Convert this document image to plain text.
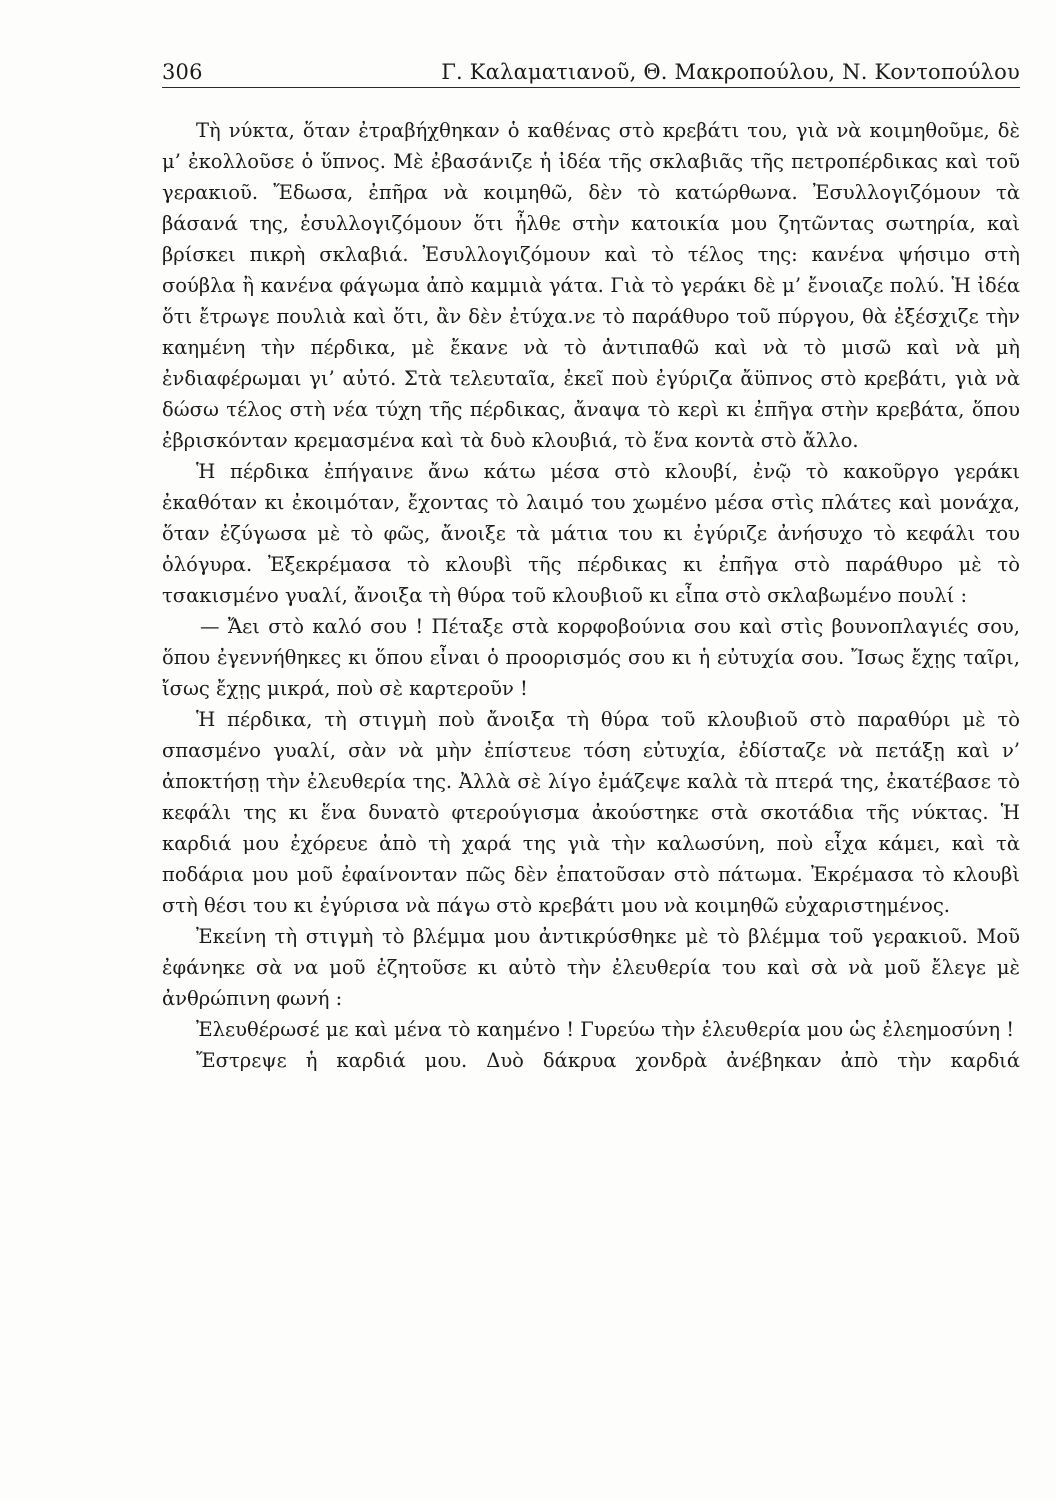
306	Γ. Καλαματιανοῦ, Θ. Μακροπούλου, Ν. Κοντοπούλου

Τὴ νύκτα, ὅταν ἐτραβήχθηκαν ὁ καθένας στὸ κρεβάτι του, γιὰ νὰ κοιμηθοῦμε, δὲ μ’ ἐκολλοῦσε ὁ ὕπνος. Μὲ ἐβασάνιζε ἡ ἰδέα τῆς σκλαβιᾶς τῆς πετροπέρδικας καὶ τοῦ γερακιοῦ. Ἔδωσα, ἐπῆρα νὰ κοιμηθῶ, δὲν τὸ κατώρθωνα. Ἐσυλλογιζόμουν τὰ βάσανά της, ἐσυλλογιζόμουν ὅτι ἦλθε στὴν κατοικία μου ζητῶντας σωτηρία, καὶ βρίσκει πικρὴ σκλαβιά. Ἐσυλλογιζόμουν καὶ τὸ τέλος της: κανένα ψήσιμο στὴ σούβλα ἢ κανένα φάγωμα ἀπὸ καμμιὰ γάτα. Γιὰ τὸ γεράκι δὲ μ’ ἔνοιαζε πολύ. Ἡ ἰδέα ὅτι ἔτρωγε πουλιὰ καὶ ὅτι, ἂν δὲν ἐτύχα.νε τὸ παράθυρο τοῦ πύργου, θὰ ἐξέσχιζε τὴν καημένη τὴν πέρδικα, μὲ ἔκανε νὰ τὸ ἀντιπαθῶ καὶ νὰ τὸ μισῶ καὶ νὰ μὴ ἐνδιαφέρωμαι γι’ αὐτό. Στὰ τελευταῖα, ἐκεῖ ποὺ ἐγύριζα ἄϋπνος στὸ κρεβάτι, γιὰ νὰ δώσω τέλος στὴ νέα τύχη τῆς πέρδικας, ἄναψα τὸ κερὶ κι ἐπῆγα στὴν κρεβάτα, ὅπου ἐβρισκόνταν κρεμασμένα καὶ τὰ δυὸ κλουβιά, τὸ ἕνα κοντὰ στὸ ἄλλο.

Ἡ πέρδικα ἐπήγαινε ἄνω κάτω μέσα στὸ κλουβί, ἐνῷ τὸ κακοῦργο γεράκι ἐκαθόταν κι ἐκοιμόταν, ἔχοντας τὸ λαιμό του χωμένο μέσα στὶς πλάτες καὶ μονάχα, ὅταν ἐζύγωσα μὲ τὸ φῶς, ἄνοιξε τὰ μάτια του κι ἐγύριζε ἀνήσυχο τὸ κεφάλι του ὁλόγυρα. Ἐξεκρέμασα τὸ κλουβὶ τῆς πέρδικας κι ἐπῆγα στὸ παράθυρο μὲ τὸ τσακισμένο γυαλί, ἄνοιξα τὴ θύρα τοῦ κλουβιοῦ κι εἶπα στὸ σκλαβωμένο πουλί :

— Ἄει στὸ καλό σου ! Πέταξε στὰ κορφοβούνια σου καὶ στὶς βουνοπλαγιές σου, ὅπου ἐγεννήθηκες κι ὅπου εἶναι ὁ προορισμός σου κι ἡ εὐτυχία σου. Ἴσως ἔχῃς ταῖρι, ἴσως ἔχῃς μικρά, ποὺ σὲ καρτεροῦν !

Ἡ πέρδικα, τὴ στιγμὴ ποὺ ἄνοιξα τὴ θύρα τοῦ κλουβιοῦ στὸ παραθύρι μὲ τὸ σπασμένο γυαλί, σὰν νὰ μὴν ἐπίστευε τόση εὐτυχία, ἐδίσταζε νὰ πετάξῃ καὶ ν’ ἀποκτήσῃ τὴν ἐλευθερία της. Ἀλλὰ σὲ λίγο ἐμάζεψε καλὰ τὰ πτερά της, ἐκατέβασε τὸ κεφάλι της κι ἕνα δυνατὸ φτερούγισμα ἀκούστηκε στὰ σκοτάδια τῆς νύκτας. Ἡ καρδιά μου ἐχόρευε ἀπὸ τὴ χαρά της γιὰ τὴν καλωσύνη, ποὺ εἶχα κάμει, καὶ τὰ ποδάρια μου μοῦ ἐφαίνονταν πῶς δὲν ἐπατοῦσαν στὸ πάτωμα. Ἐκρέμασα τὸ κλουβὶ στὴ θέσι του κι ἐγύρισα νὰ πάγω στὸ κρεβάτι μου νὰ κοιμηθῶ εὐχαριστημένος.

Ἐκείνη τὴ στιγμὴ τὸ βλέμμα μου ἀντικρύσθηκε μὲ τὸ βλέμμα τοῦ γερακιοῦ. Μοῦ ἐφάνηκε σὰ να μοῦ ἐζητοῦσε κι αὐτὸ τὴν ἐλευθερία του καὶ σὰ νὰ μοῦ ἔλεγε μὲ ἀνθρώπινη φωνή :

Ἐλευθέρωσέ με καὶ μένα τὸ καημένο ! Γυρεύω τὴν ἐλευθερία μου ὡς ἐλεημοσύνη !

Ἔστρεψε ἡ καρδιά μου. Δυὸ δάκρυα χονδρὰ ἀνέβηκαν ἀπὸ τὴν καρδιά
